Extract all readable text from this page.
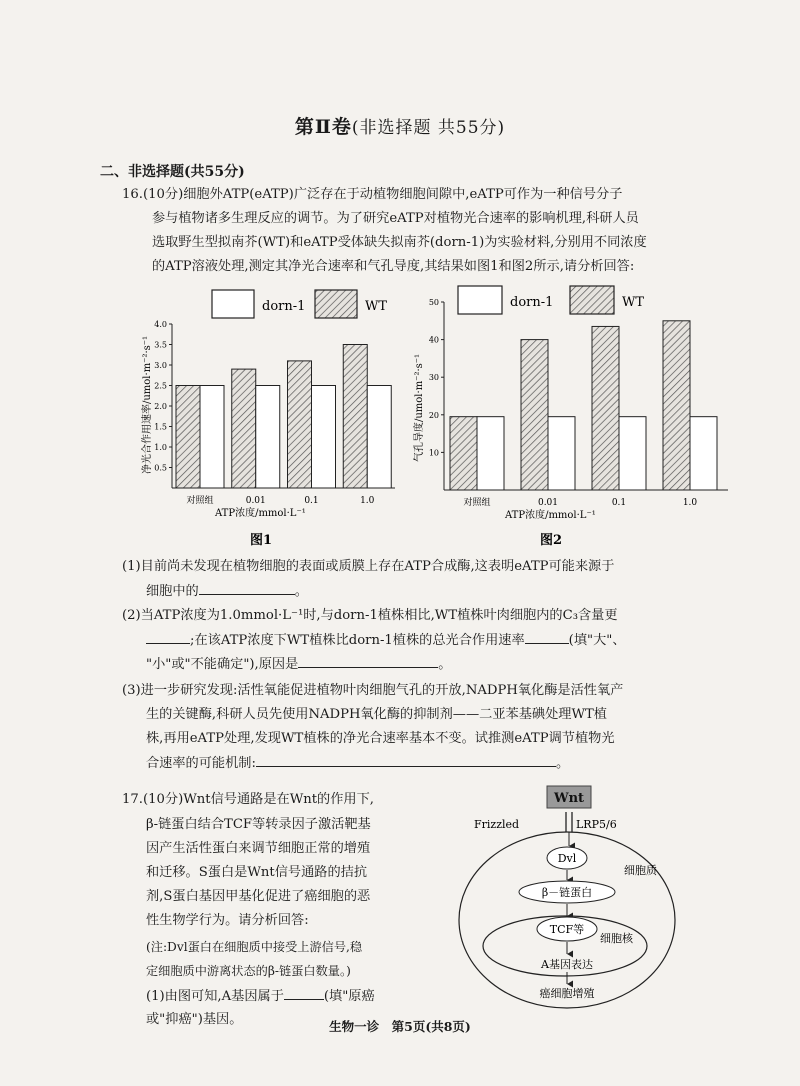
第Ⅱ卷(非选择题 共55分)
二、非选择题(共55分)
16.(10分)细胞外ATP(eATP)广泛存在于动植物细胞间隙中,eATP可作为一种信号分子
参与植物诸多生理反应的调节。为了研究eATP对植物光合速率的影响机理,科研人员
选取野生型拟南芥(WT)和eATP受体缺失拟南芥(dorn-1)为实验材料,分别用不同浓度
的ATP溶液处理,测定其净光合速率和气孔导度,其结果如图1和图2所示,请分析回答:
dorn-1	WT
0.5
1.0
1.5
2.0
2.5
3.0
3.5
4.0
对照组	0.01	0.1	1.0
净光合作用速率/umol·m⁻²·s⁻¹
ATP浓度/mmol·L⁻¹
图1
dorn-1	WT
10
20
30
40
50
对照组	0.01	0.1	1.0
气孔导度/umol·m⁻²·s⁻¹
ATP浓度/mmol·L⁻¹
图2
(1)目前尚未发现在植物细胞的表面或质膜上存在ATP合成酶,这表明eATP可能来源于
细胞中的	。
(2)当ATP浓度为1.0mmol·L⁻¹时,与dorn-1植株相比,WT植株叶肉细胞内的C₃含量更
;在该ATP浓度下WT植株比dorn-1植株的总光合作用速率	(填"大"、
"小"或"不能确定"),原因是	。
(3)进一步研究发现:活性氧能促进植物叶肉细胞气孔的开放,NADPH氧化酶是活性氧产
生的关键酶,科研人员先使用NADPH氧化酶的抑制剂——二亚苯基碘处理WT植
株,再用eATP处理,发现WT植株的净光合速率基本不变。试推测eATP调节植物光
合速率的可能机制:	。
17.(10分)Wnt信号通路是在Wnt的作用下,
β-链蛋白结合TCF等转录因子激活靶基
因产生活性蛋白来调节细胞正常的增殖
和迁移。S蛋白是Wnt信号通路的拮抗
剂,S蛋白基因甲基化促进了癌细胞的恶
性生物学行为。请分析回答:
(注:Dvl蛋白在细胞质中接受上游信号,稳
定细胞质中游离状态的β-链蛋白数量。)
(1)由图可知,A基因属于	(填"原癌
或"抑癌")基因。
Wnt
Frizzled	LRP5/6
Dvl
β－链蛋白
TCF等
A基因表达
癌细胞增殖
细胞质
细胞核
生物一诊　第5页(共8页)
